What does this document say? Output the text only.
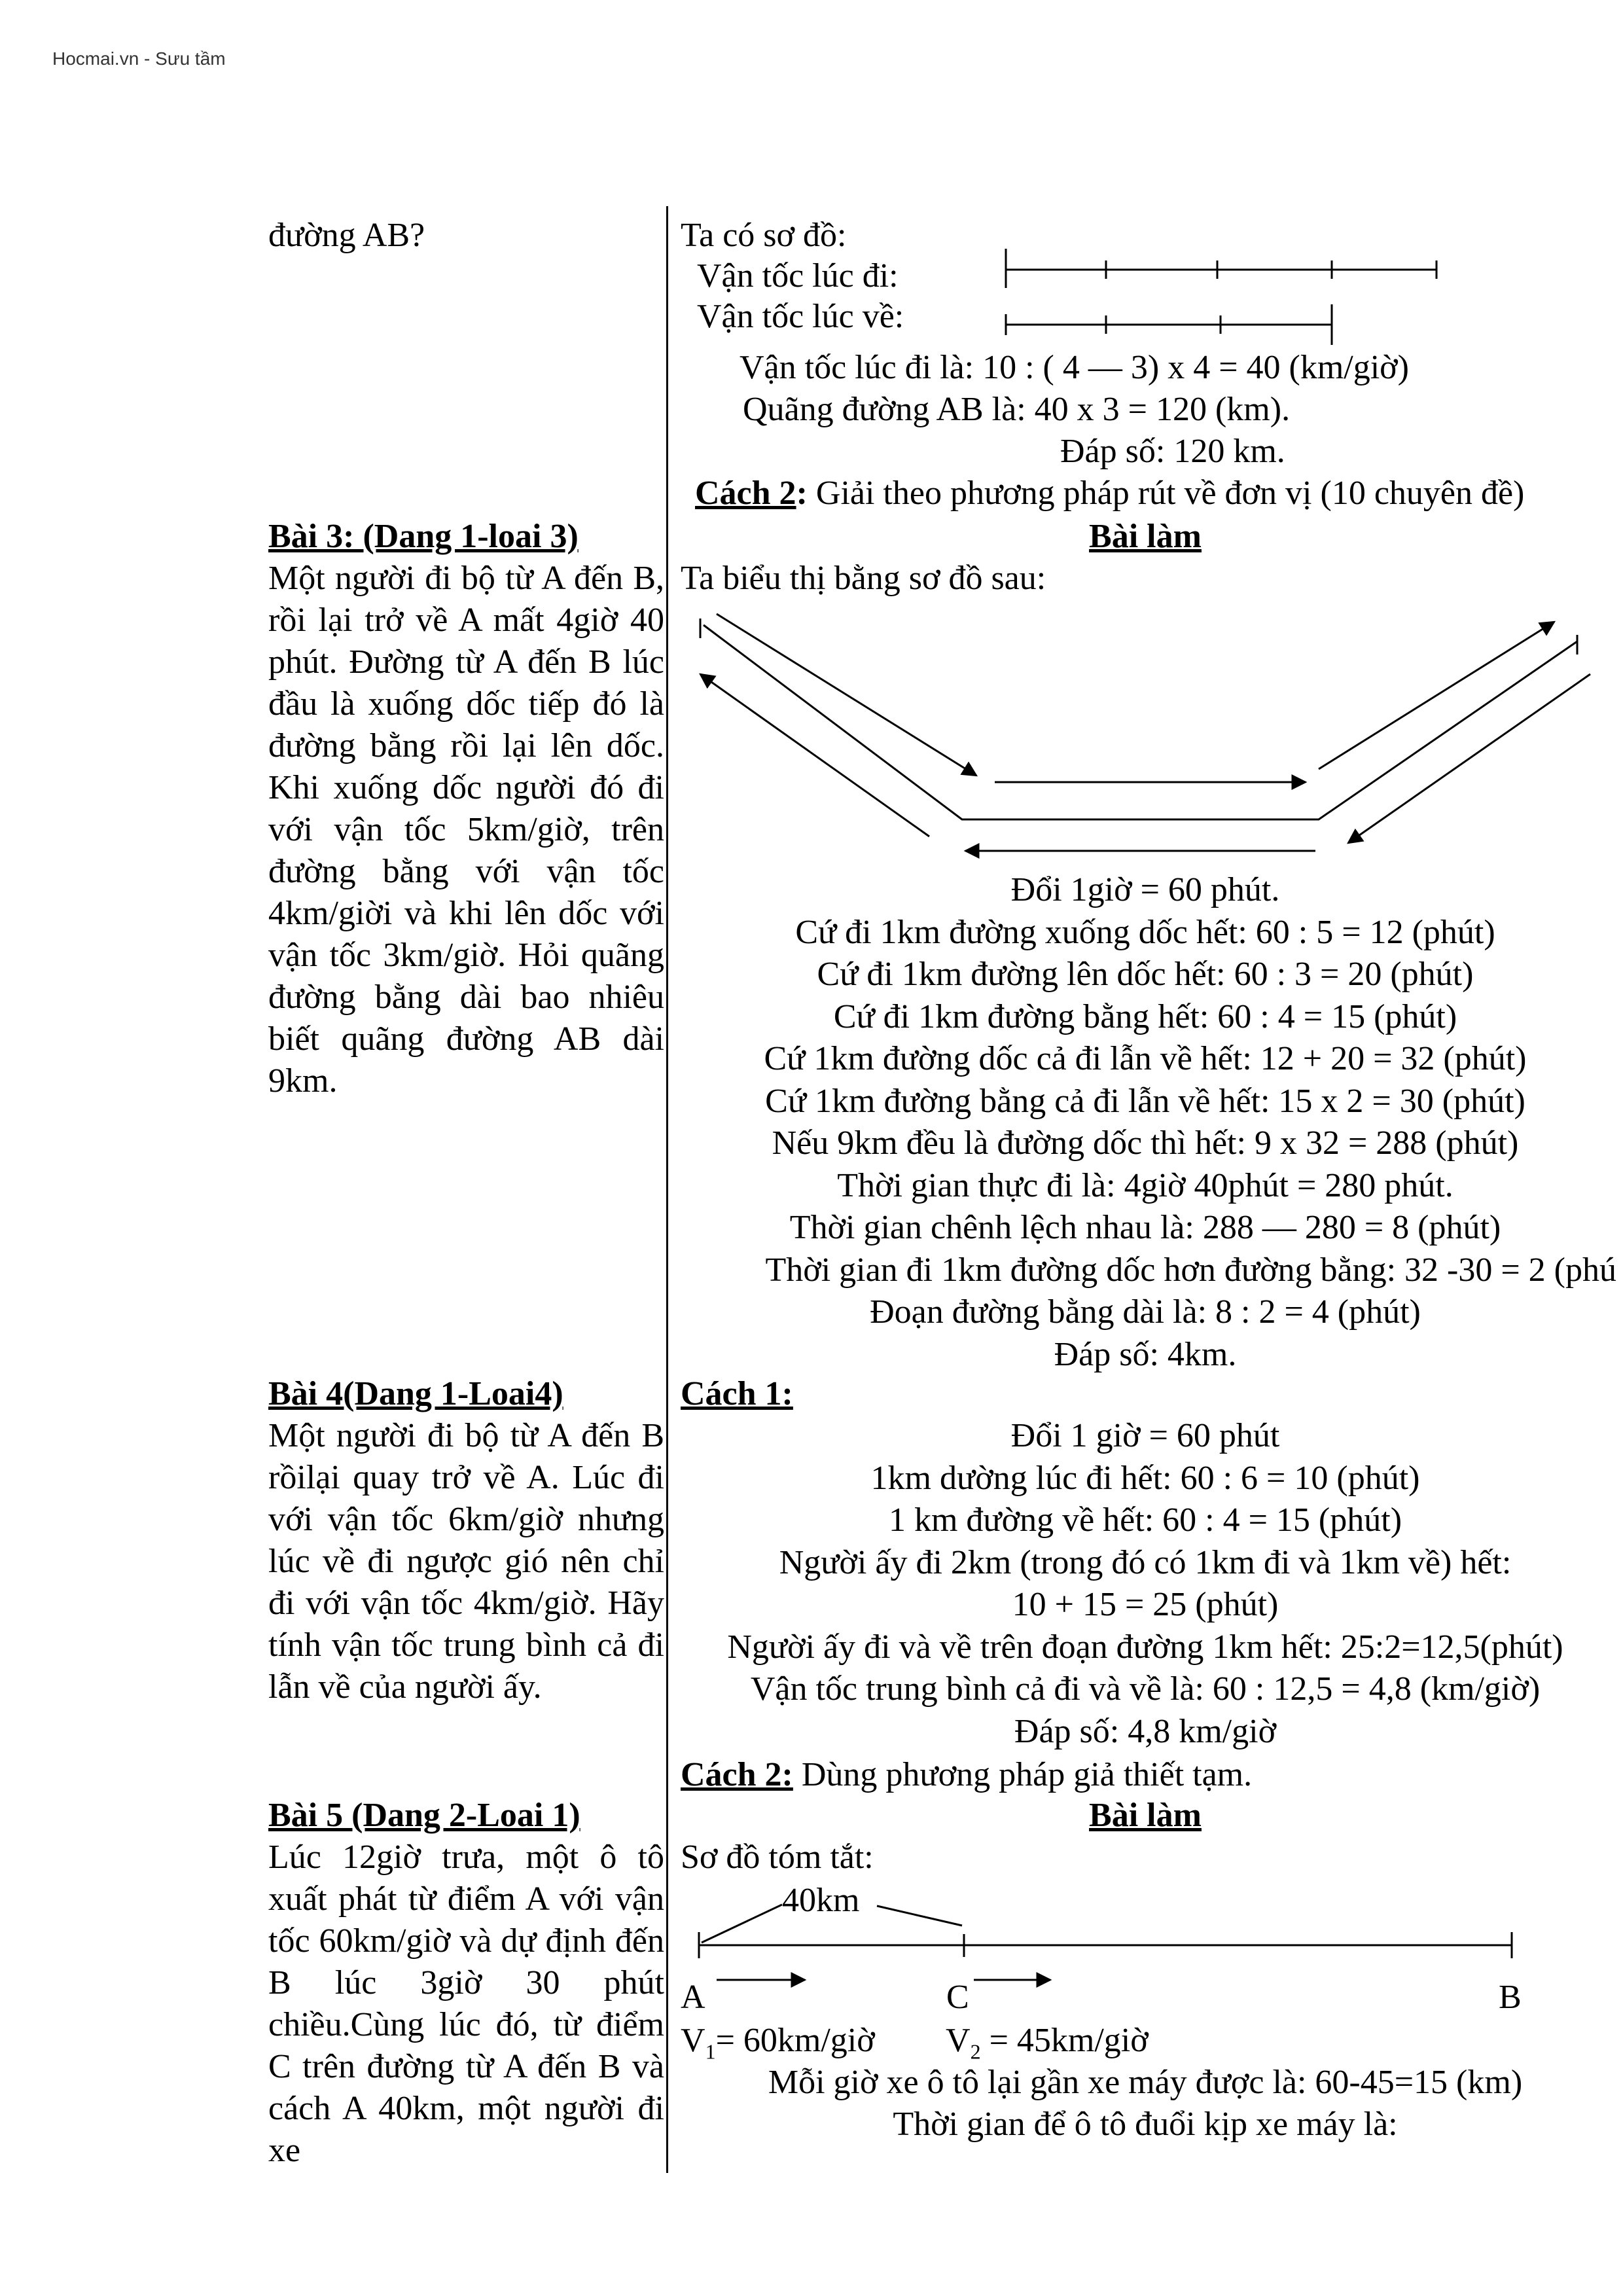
Hocmai.vn - Sưu tầm
đường AB?
Bài 3: (Dang 1-loai 3)
Một người đi bộ từ A đến B, rồi lại trở về A mất 4giờ 40 phút. Đường từ A đến B lúc đầu là xuống dốc tiếp đó là đường bằng rồi lại lên dốc. Khi xuống dốc người đó đi với vận tốc 5km/giờ, trên đường bằng với vận tốc 4km/giời và khi lên dốc với vận tốc 3km/giờ. Hỏi quãng đường bằng dài bao nhiêu biết quãng đường AB dài 9km.
Bài 4(Dang 1-Loai4)
Một người đi bộ từ A đến B rồilại quay trở về A. Lúc đi với vận tốc 6km/giờ nhưng lúc về đi ngược gió nên chỉ đi với vận tốc 4km/giờ. Hãy tính vận tốc trung bình cả đi lẫn về của người ấy.
Bài 5 (Dang 2-Loai 1)
Lúc 12giờ trưa, một ô tô xuất phát từ điểm A với vận tốc 60km/giờ và dự định đến B lúc 3giờ 30 phút chiều.Cùng lúc đó, từ điểm C trên đường từ A đến B và cách A 40km, một người đi xe
Ta có sơ đồ:
Vận tốc lúc đi:
Vận tốc lúc về:
Vận tốc lúc đi là: 10 : ( 4 — 3) x 4 = 40 (km/giờ)
Quãng đường AB là: 40 x 3 = 120 (km).
Đáp số: 120 km.
Cách 2: Giải theo phương pháp rút về đơn vị (10 chuyên đề)
Bài làm
Ta biểu thị bằng sơ đồ sau:
Đổi 1giờ = 60 phút.
Cứ đi 1km đường xuống dốc hết: 60 : 5 = 12 (phút)
Cứ đi 1km đường lên dốc hết: 60 : 3 = 20 (phút)
Cứ đi 1km đường bằng hết: 60 : 4 = 15 (phút)
Cứ 1km đường dốc cả đi lẫn về hết: 12 + 20 = 32 (phút)
Cứ 1km đường bằng cả đi lẫn về hết: 15 x 2 = 30 (phút)
Nếu 9km đều là đường dốc thì hết: 9 x 32 = 288 (phút)
Thời gian thực đi là: 4giờ 40phút = 280 phút.
Thời gian chênh lệch nhau là: 288 — 280 = 8 (phút)
Thời gian đi 1km đường dốc hơn đường bằng: 32 -30 = 2 (phú
Đoạn đường bằng dài là: 8 : 2 = 4 (phút)
Đáp số: 4km.
Cách 1:
Đổi 1 giờ = 60 phút
1km dường lúc đi hết: 60 : 6 = 10 (phút)
1 km đường về hết: 60 : 4 = 15 (phút)
Người ấy đi 2km (trong đó có 1km đi và 1km về) hết:
10 + 15 = 25 (phút)
Người ấy đi và về trên đoạn đường 1km hết: 25:2=12,5(phút)
Vận tốc trung bình cả đi và về là: 60 : 12,5 = 4,8 (km/giờ)
Đáp số: 4,8 km/giờ
Cách 2: Dùng phương pháp giả thiết tạm.
Bài làm
Sơ đồ tóm tắt:
40km
A	C	B
$V_1=$ 60km/giờ $V_2$ = 45km/giờ
Mỗi giờ xe ô tô lại gần xe máy được là: 60-45=15 (km)
Thời gian để ô tô đuổi kịp xe máy là:
